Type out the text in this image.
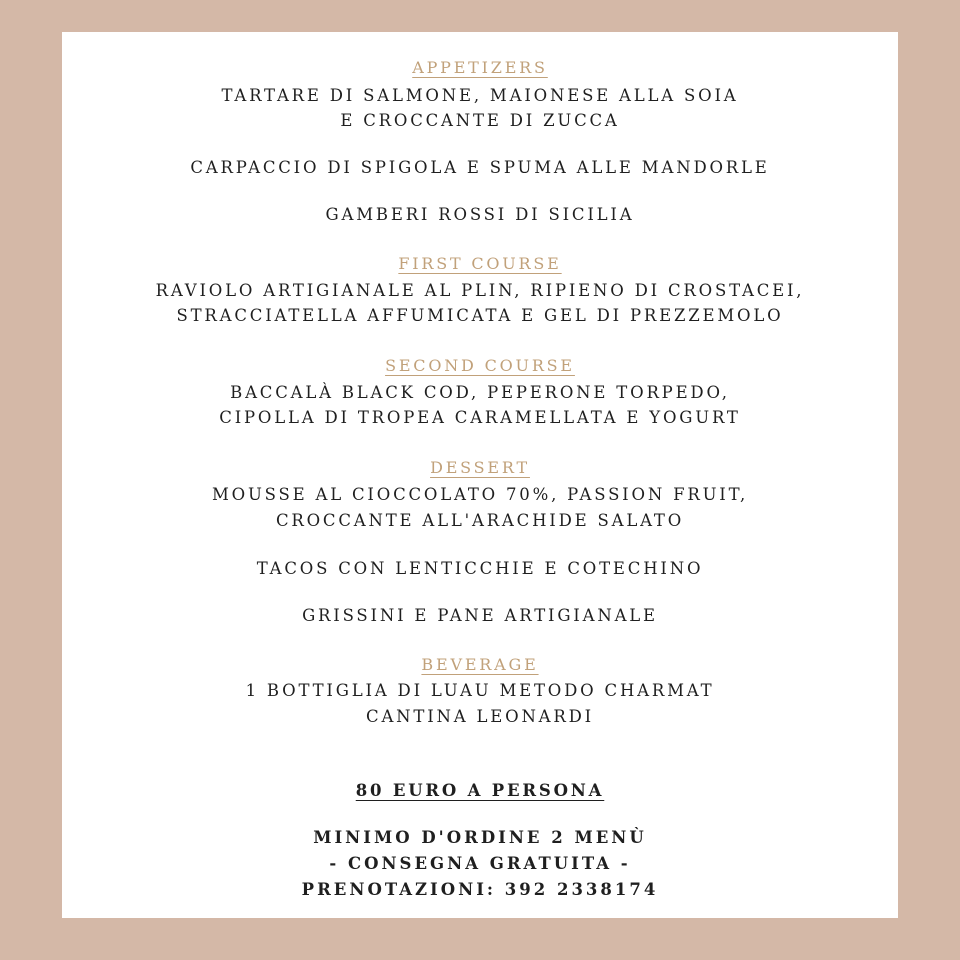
APPETIZERS
TARTARE DI SALMONE, MAIONESE ALLA SOIA
E CROCCANTE DI ZUCCA
CARPACCIO DI SPIGOLA E SPUMA ALLE MANDORLE
GAMBERI ROSSI DI SICILIA
FIRST COURSE
RAVIOLO ARTIGIANALE AL PLIN, RIPIENO DI CROSTACEI,
STRACCIATELLA AFFUMICATA E GEL DI PREZZEMOLO
SECOND COURSE
BACCALÀ BLACK COD, PEPERONE TORPEDO,
CIPOLLA DI TROPEA CARAMELLATA E YOGURT
DESSERT
MOUSSE AL CIOCCOLATO 70%, PASSION FRUIT,
CROCCANTE ALL'ARACHIDE SALATO
TACOS CON LENTICCHIE E COTECHINO
GRISSINI E PANE ARTIGIANALE
BEVERAGE
1 BOTTIGLIA DI LUAU METODO CHARMAT
CANTINA LEONARDI
80 EURO A PERSONA
MINIMO D'ORDINE 2 MENÙ
- CONSEGNA GRATUITA -
PRENOTAZIONI: 392 2338174
